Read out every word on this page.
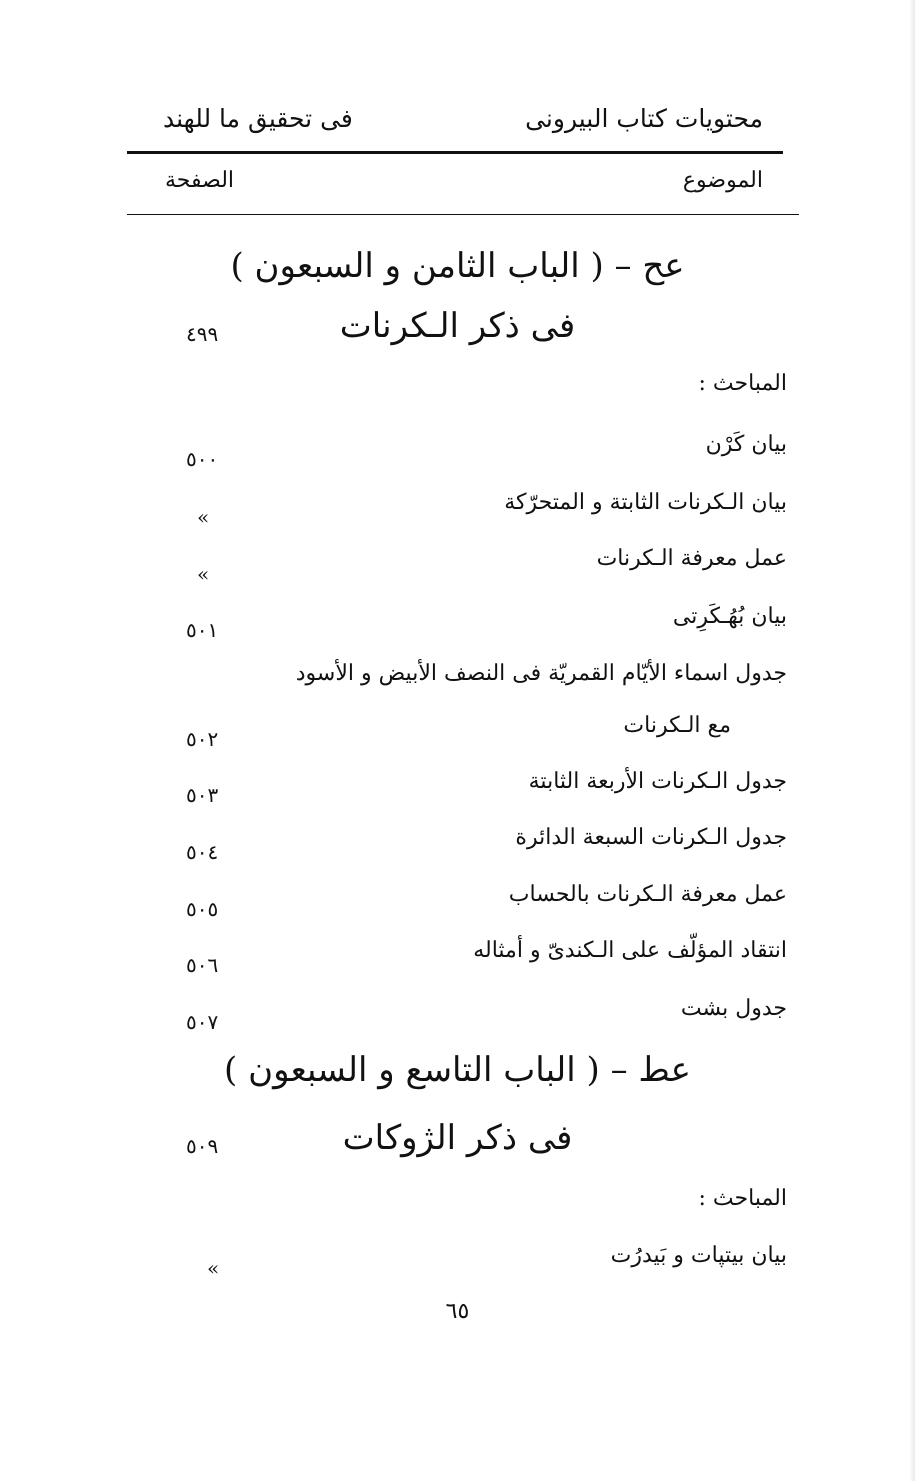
محتويات كتاب البيرونى
فى تحقيق ما للهند
الموضوع
الصفحة
عح – ( الباب الثامن و السبعون )
فى ذكر الـكرنات
٤٩٩
المباحث :
بيان كَرْن
٥٠٠
بيان الـكرنات الثابتة و المتحرّكة
»
عمل معرفة الـكرنات
»
بيان بُهُـكَرِتى
٥٠١
جدول اسماء الأيّام القمريّة فى النصف الأبيض و الأسود
مع الـكرنات
٥٠٢
جدول الـكرنات الأربعة الثابتة
٥٠٣
جدول الـكرنات السبعة الدائرة
٥٠٤
عمل معرفة الـكرنات بالحساب
٥٠٥
انتقاد المؤلّف على الـكندىّ و أمثاله
٥٠٦
جدول بشت
٥٠٧
عط – ( الباب التاسع و السبعون )
فى ذكر الژوكات
٥٠٩
المباحث :
بيان بيتپات و بَيدرُت
»
٦٥
